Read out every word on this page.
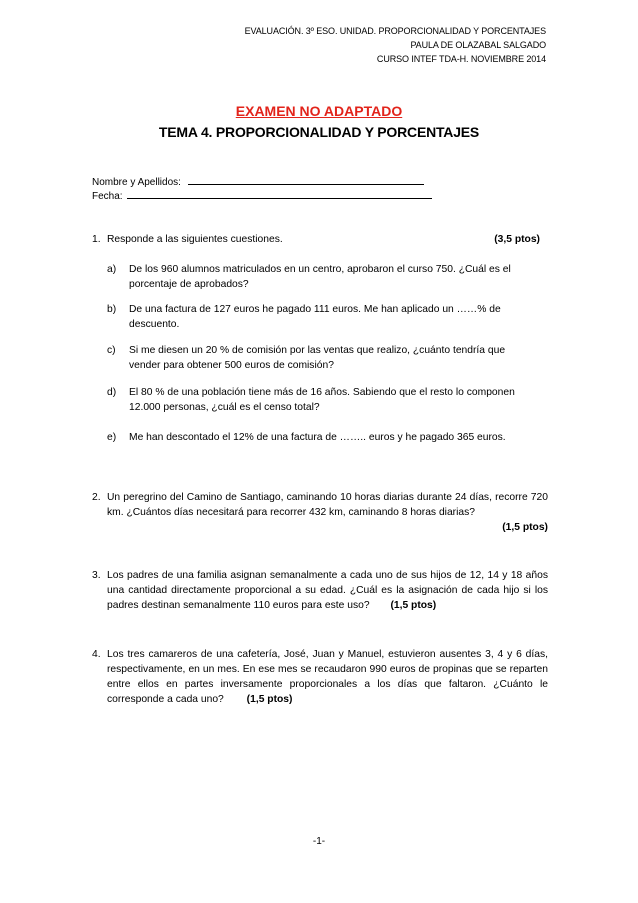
EVALUACIÓN. 3º ESO. UNIDAD. PROPORCIONALIDAD Y PORCENTAJES
PAULA DE OLAZABAL SALGADO
CURSO INTEF TDA-H. NOVIEMBRE 2014
EXAMEN NO ADAPTADO
TEMA 4. PROPORCIONALIDAD Y PORCENTAJES
Nombre y Apellidos:
Fecha:
1. Responde a las siguientes cuestiones.	(3,5 ptos)
a) De los 960 alumnos matriculados en un centro, aprobaron el curso 750. ¿Cuál es el porcentaje de aprobados?
b) De una factura de 127 euros he pagado 111 euros. Me han aplicado un ……% de descuento.
c) Si me diesen un 20 % de comisión por las ventas que realizo, ¿cuánto tendría que vender para obtener 500 euros de comisión?
d) El 80 % de una población tiene más de 16 años. Sabiendo que el resto lo componen 12.000 personas, ¿cuál es el censo total?
e) Me han descontado el 12% de una factura de …….. euros y he pagado 365 euros.
2. Un peregrino del Camino de Santiago, caminando 10 horas diarias durante 24 días, recorre 720 km. ¿Cuántos días necesitará para recorrer 432 km, caminando 8 horas diarias?
(1,5 ptos)
3. Los padres de una familia asignan semanalmente a cada uno de sus hijos de 12, 14 y 18 años una cantidad directamente proporcional a su edad. ¿Cuál es la asignación de cada hijo si los padres destinan semanalmente 110 euros para este uso? (1,5 ptos)
4. Los tres camareros de una cafetería, José, Juan y Manuel, estuvieron ausentes 3, 4 y 6 días, respectivamente, en un mes. En ese mes se recaudaron 990 euros de propinas que se reparten entre ellos en partes inversamente proporcionales a los días que faltaron. ¿Cuánto le corresponde a cada uno? (1,5 ptos)
-1-
